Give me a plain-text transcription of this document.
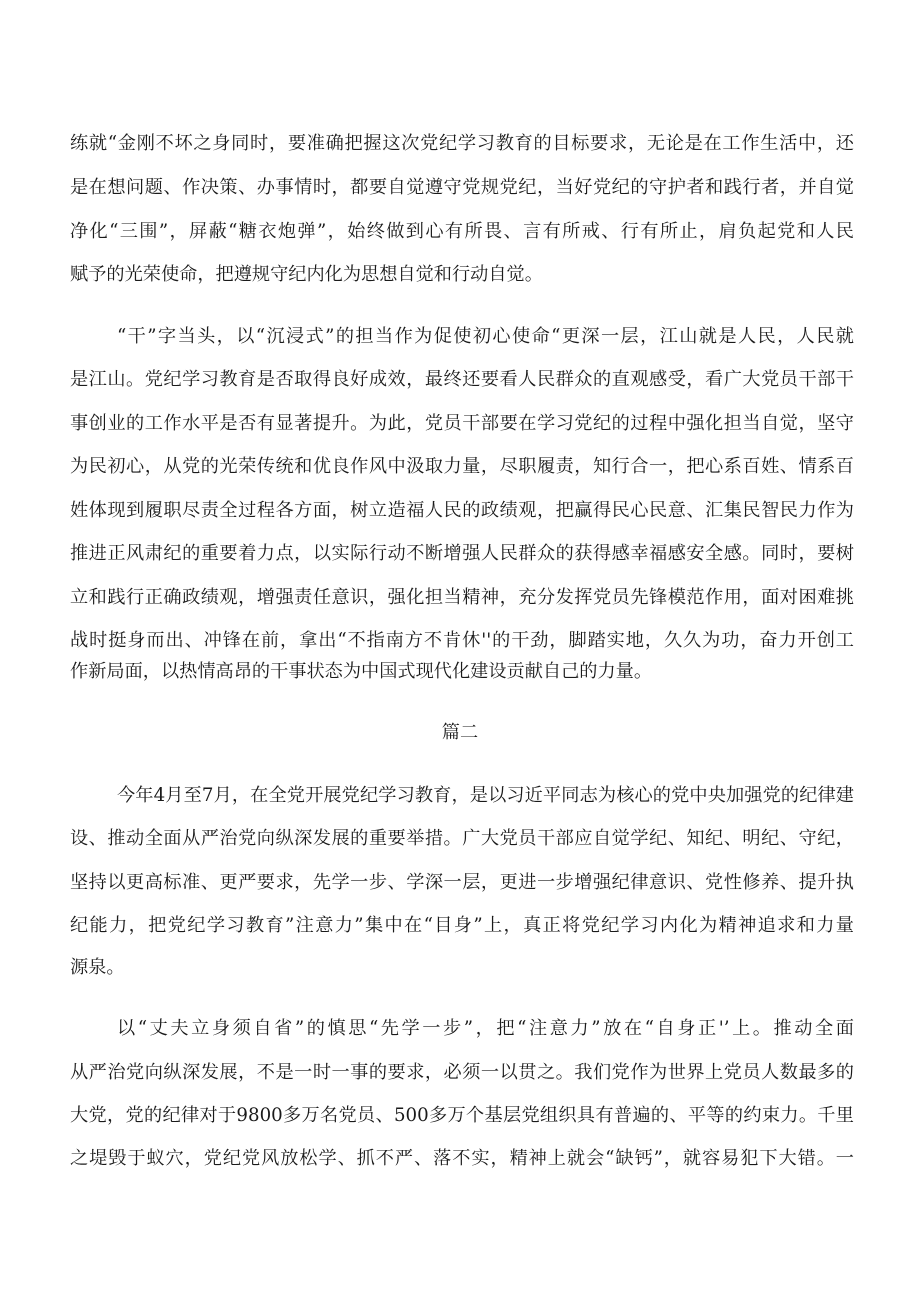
练就“金刚不坏之身同时，要准确把握这次党纪学习教育的目标要求，无论是在工作生活中，还
是在想问题、作决策、办事情时，都要自觉遵守党规党纪，当好党纪的守护者和践行者，并自觉
净化“三围”，屏蔽“糖衣炮弹”，始终做到心有所畏、言有所戒、行有所止，肩负起党和人民
赋予的光荣使命，把遵规守纪内化为思想自觉和行动自觉。
“干”字当头，以“沉浸式”的担当作为促使初心使命“更深一层，江山就是人民，人民就
是江山。党纪学习教育是否取得良好成效，最终还要看人民群众的直观感受，看广大党员干部干
事创业的工作水平是否有显著提升。为此，党员干部要在学习党纪的过程中强化担当自觉，坚守
为民初心，从党的光荣传统和优良作风中汲取力量，尽职履责，知行合一，把心系百姓、情系百
姓体现到履职尽责全过程各方面，树立造福人民的政绩观，把赢得民心民意、汇集民智民力作为
推进正风肃纪的重要着力点，以实际行动不断增强人民群众的获得感幸福感安全感。同时，要树
立和践行正确政绩观，增强责任意识，强化担当精神，充分发挥党员先锋模范作用，面对困难挑
战时挺身而出、冲锋在前，拿出“不指南方不肯休''的干劲，脚踏实地，久久为功，奋力开创工
作新局面，以热情高昂的干事状态为中国式现代化建设贡献自己的力量。
篇二
今年4月至7月，在全党开展党纪学习教育，是以习近平同志为核心的党中央加强党的纪律建
设、推动全面从严治党向纵深发展的重要举措。广大党员干部应自觉学纪、知纪、明纪、守纪，
坚持以更高标准、更严要求，先学一步、学深一层，更进一步增强纪律意识、党性修养、提升执
纪能力，把党纪学习教育”注意力”集中在“目身”上，真正将党纪学习内化为精神追求和力量
源泉。
以“丈夫立身须自省”的慎思“先学一步”，把“注意力”放在“自身正'’上。推动全面
从严治党向纵深发展，不是一时一事的要求，必须一以贯之。我们党作为世界上党员人数最多的
大党，党的纪律对于9800多万名党员、500多万个基层党组织具有普遍的、平等的约束力。千里
之堤毁于蚁穴，党纪党风放松学、抓不严、落不实，精神上就会“缺钙”，就容易犯下大错。一
